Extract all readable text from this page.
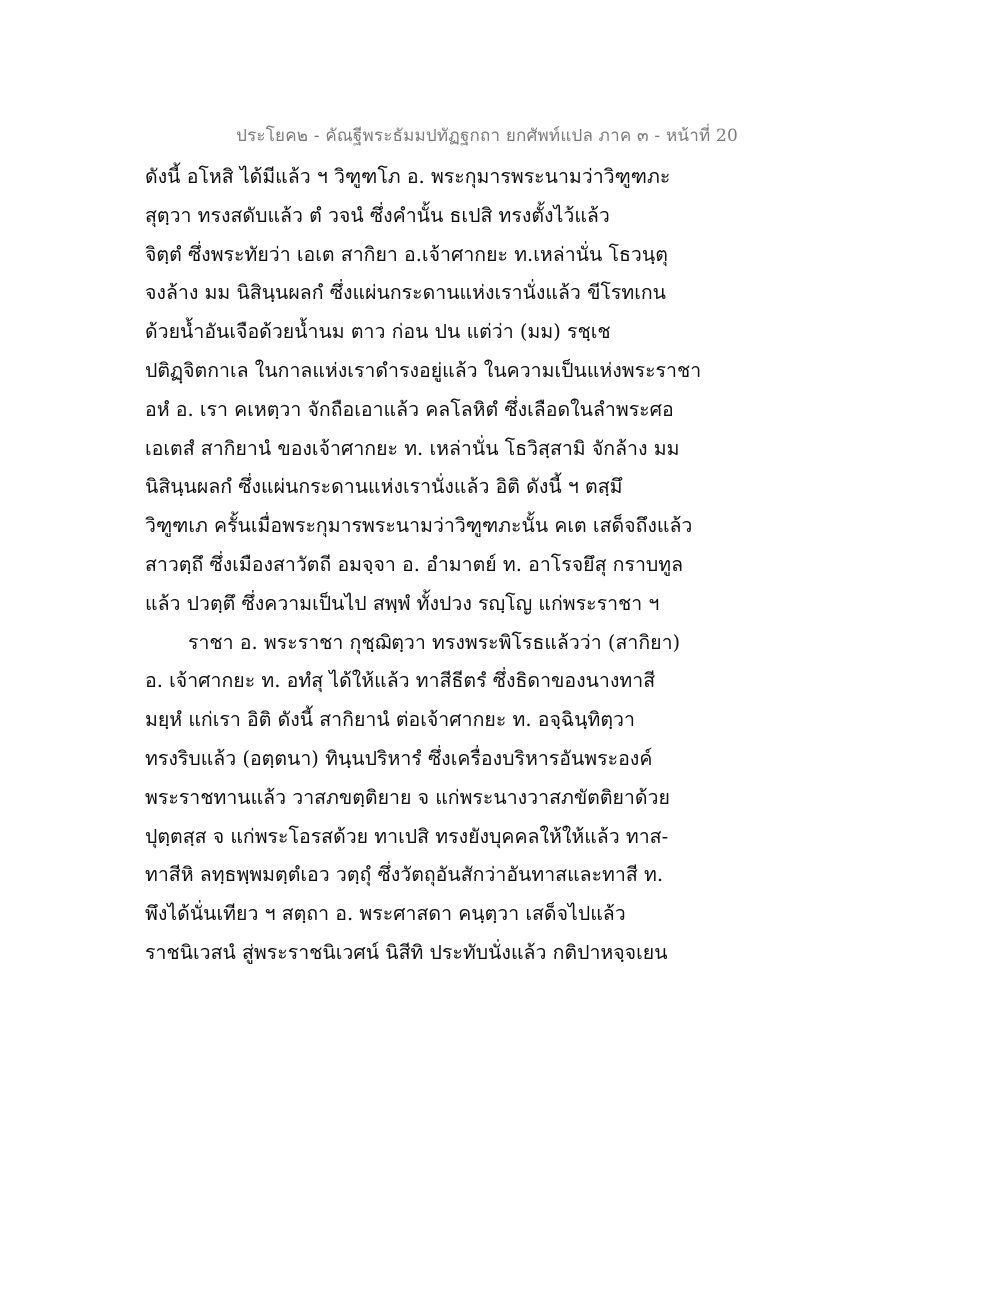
ประโยค๒ - คัณฐีพระธัมมปทัฏฐกถา ยกศัพท์แปล ภาค ๓ - หน้าที่ 20
ดังนี้ อโหสิ ได้มีแล้ว ฯ วิฑูฑโภ อ. พระกุมารพระนามว่าวิฑูฑภะ
สุตฺวา ทรงสดับแล้ว ตํ วจนํ ซึ่งคำนั้น ธเปสิ ทรงตั้งไว้แล้ว
จิตฺตํ ซึ่งพระทัยว่า เอเต สากิยา อ.เจ้าศากยะ ท.เหล่านั่น โธวนฺตุ
จงล้าง มม นิสินฺนผลกํ ซึ่งแผ่นกระดานแห่งเรานั่งแล้ว ขีโรทเกน
ด้วยน้ำอันเจือด้วยน้ำนม ตาว ก่อน ปน แต่ว่า (มม) รชฺเช
ปติฏฺจิตกาเล ในกาลแห่งเราดำรงอยู่แล้ว ในความเป็นแห่งพระราชา
อหํ อ. เรา คเหตฺวา จักถือเอาแล้ว คลโลหิตํ ซึ่งเลือดในลำพระศอ
เอเตสํ สากิยานํ ของเจ้าศากยะ ท. เหล่านั่น โธวิสฺสามิ จักล้าง มม
นิสินฺนผลกํ ซึ่งแผ่นกระดานแห่งเรานั่งแล้ว อิติ ดังนี้ ฯ ตสฺมึ
วิฑูฑเภ ครั้นเมื่อพระกุมารพระนามว่าวิฑูฑภะนั้น คเต เสด็จถึงแล้ว
สาวตฺถึ ซึ่งเมืองสาวัตถี อมจฺจา อ. อำมาตย์ ท. อาโรจยึสุ กราบทูล
แล้ว ปวตฺตึ ซึ่งความเป็นไป สพฺพํ ทั้งปวง รญฺโญ แก่พระราชา ฯ
ราชา อ. พระราชา กุชฺฌิตฺวา ทรงพระพิโรธแล้วว่า (สากิยา)
อ. เจ้าศากยะ ท. อทํสุ ได้ให้แล้ว ทาสีธีตรํ ซึ่งธิดาของนางทาสี
มยฺหํ แก่เรา อิติ ดังนี้ สากิยานํ ต่อเจ้าศากยะ ท. อจฺฉินฺทิตฺวา
ทรงริบแล้ว (อตฺตนา) ทินฺนปริหารํ ซึ่งเครื่องบริหารอันพระองค์
พระราชทานแล้ว วาสภขตฺติยาย จ แก่พระนางวาสภขัตติยาด้วย
ปุตฺตสฺส จ แก่พระโอรสด้วย ทาเปสิ ทรงยังบุคคลให้ให้แล้ว ทาส-
ทาสีหิ ลทฺธพฺพมตฺตํเอว วตฺถุํ ซึ่งวัตถุอันสักว่าอันทาสและทาสี ท.
พึงได้นั่นเทียว ฯ สตฺถา อ. พระศาสดา คนฺตฺวา เสด็จไปแล้ว
ราชนิเวสนํ สู่พระราชนิเวศน์ นิสีทิ ประทับนั่งแล้ว กติปาหจฺจเยน
